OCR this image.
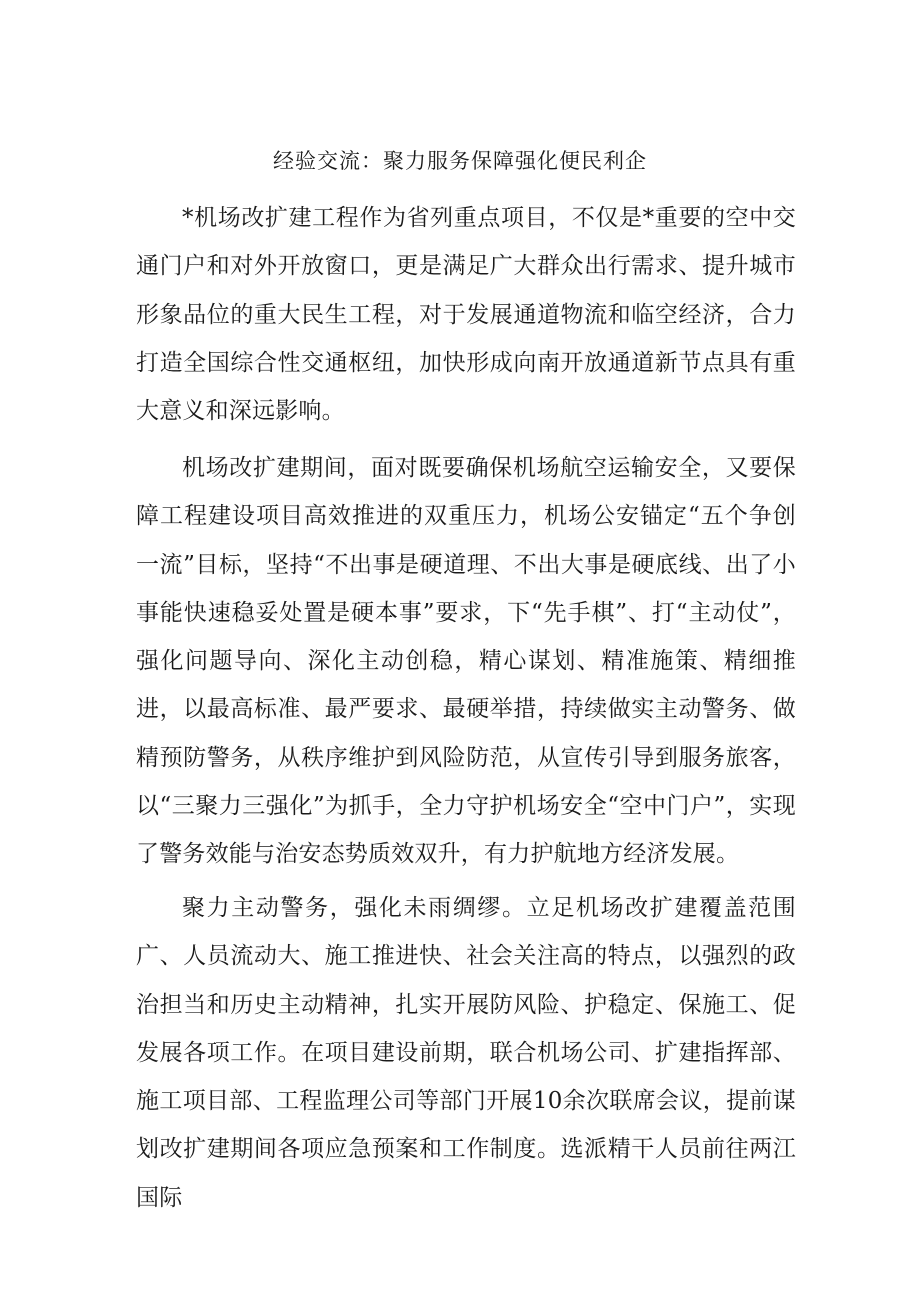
经验交流：聚力服务保障强化便民利企

*机场改扩建工程作为省列重点项目，不仅是*重要的空中交通门户和对外开放窗口，更是满足广大群众出行需求、提升城市形象品位的重大民生工程，对于发展通道物流和临空经济，合力打造全国综合性交通枢纽，加快形成向南开放通道新节点具有重大意义和深远影响。

机场改扩建期间，面对既要确保机场航空运输安全，又要保障工程建设项目高效推进的双重压力，机场公安锚定“五个争创一流”目标，坚持“不出事是硬道理、不出大事是硬底线、出了小事能快速稳妥处置是硬本事”要求，下“先手棋”、打“主动仗”，强化问题导向、深化主动创稳，精心谋划、精准施策、精细推进，以最高标准、最严要求、最硬举措，持续做实主动警务、做精预防警务，从秩序维护到风险防范，从宣传引导到服务旅客，以“三聚力三强化”为抓手，全力守护机场安全“空中门户”，实现了警务效能与治安态势质效双升，有力护航地方经济发展。

聚力主动警务，强化未雨绸缪。立足机场改扩建覆盖范围广、人员流动大、施工推进快、社会关注高的特点，以强烈的政治担当和历史主动精神，扎实开展防风险、护稳定、保施工、促发展各项工作。在项目建设前期，联合机场公司、扩建指挥部、施工项目部、工程监理公司等部门开展10余次联席会议，提前谋划改扩建期间各项应急预案和工作制度。选派精干人员前往两江国际
